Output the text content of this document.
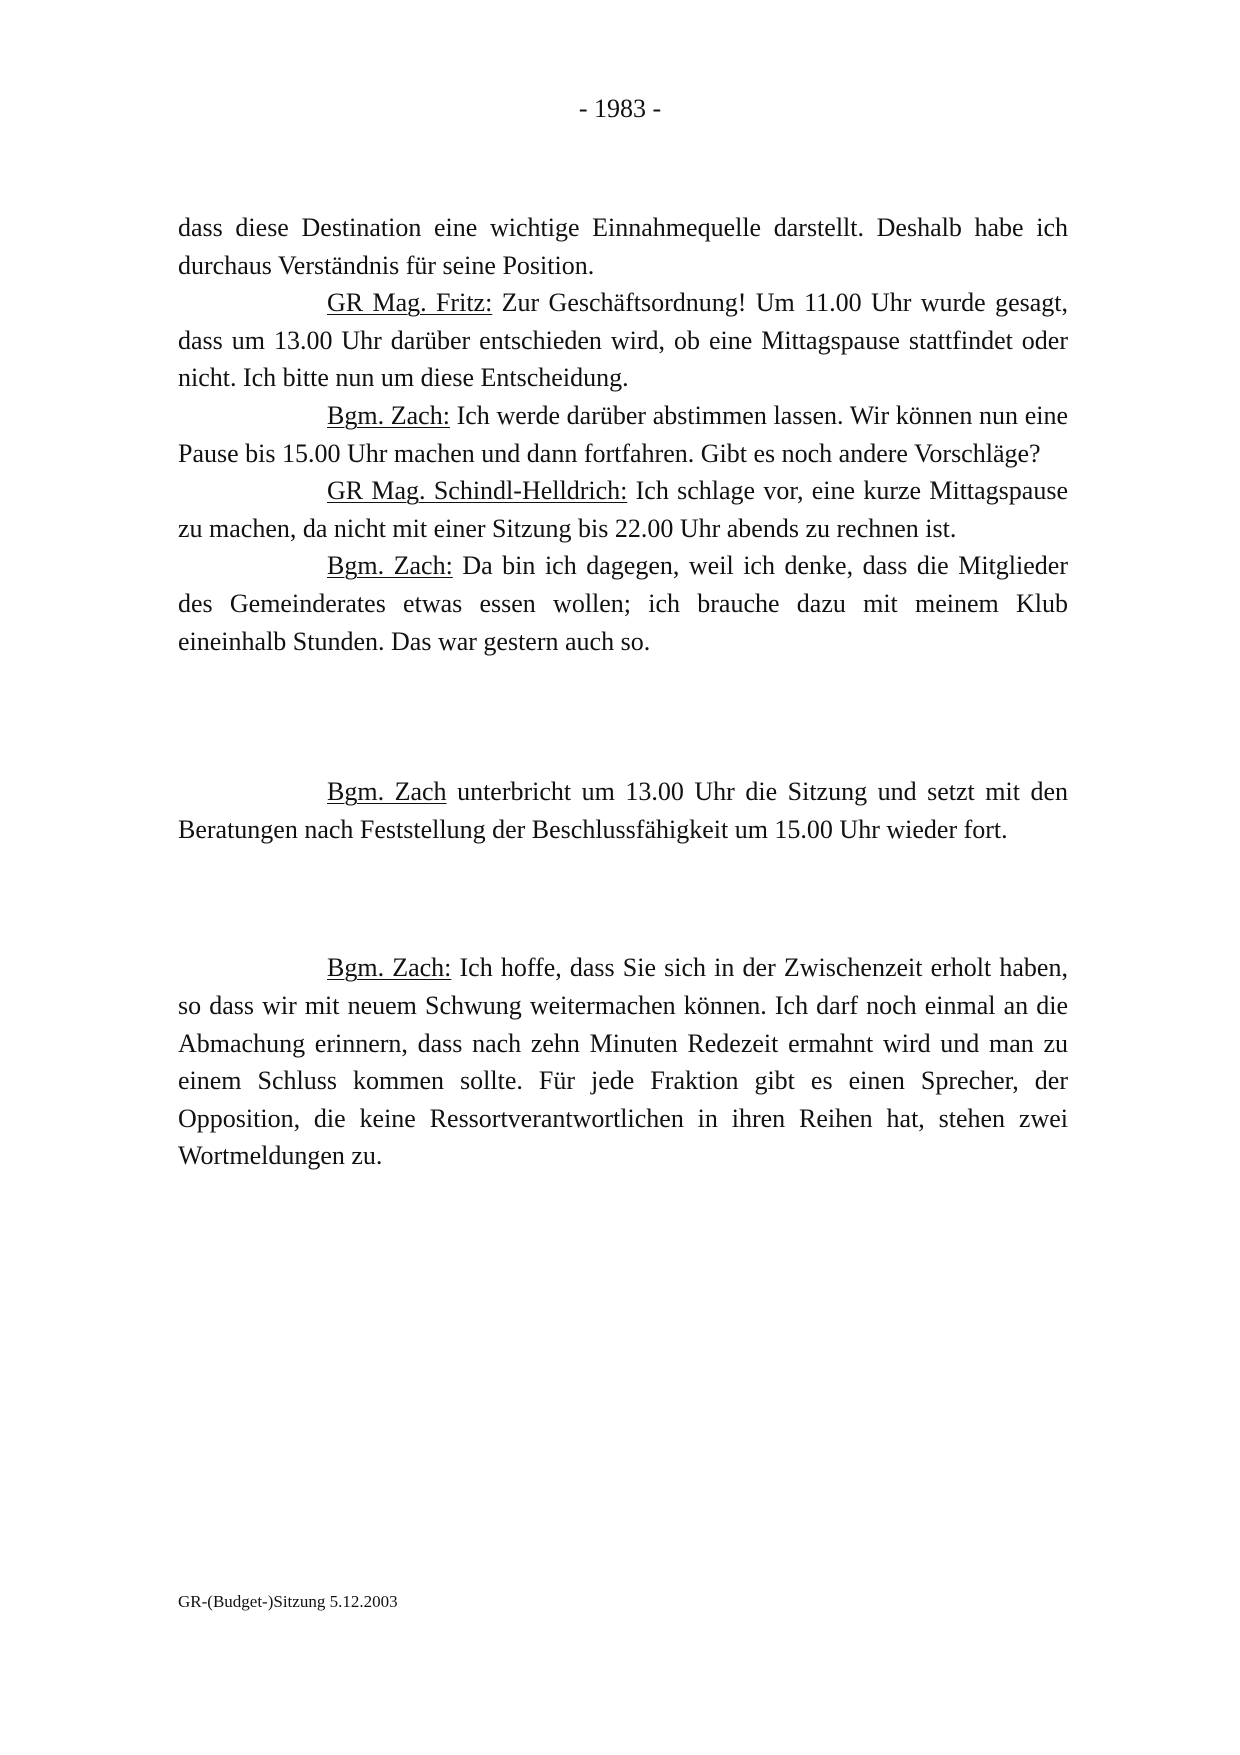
- 1983 -

dass diese Destination eine wichtige Einnahmequelle darstellt. Deshalb habe ich durchaus Verständnis für seine Position.

GR Mag. Fritz: Zur Geschäftsordnung! Um 11.00 Uhr wurde gesagt, dass um 13.00 Uhr darüber entschieden wird, ob eine Mittagspause stattfindet oder nicht. Ich bitte nun um diese Entscheidung.

Bgm. Zach: Ich werde darüber abstimmen lassen. Wir können nun eine Pause bis 15.00 Uhr machen und dann fortfahren. Gibt es noch andere Vorschläge?

GR Mag. Schindl-Helldrich: Ich schlage vor, eine kurze Mittagspause zu machen, da nicht mit einer Sitzung bis 22.00 Uhr abends zu rechnen ist.

Bgm. Zach: Da bin ich dagegen, weil ich denke, dass die Mitglieder des Gemeinderates etwas essen wollen; ich brauche dazu mit meinem Klub eineinhalb Stunden. Das war gestern auch so.

Bgm. Zach unterbricht um 13.00 Uhr die Sitzung und setzt mit den Beratungen nach Feststellung der Beschlussfähigkeit um 15.00 Uhr wieder fort.

Bgm. Zach: Ich hoffe, dass Sie sich in der Zwischenzeit erholt haben, so dass wir mit neuem Schwung weitermachen können. Ich darf noch einmal an die Abmachung erinnern, dass nach zehn Minuten Redezeit ermahnt wird und man zu einem Schluss kommen sollte. Für jede Fraktion gibt es einen Sprecher, der Opposition, die keine Ressortverantwortlichen in ihren Reihen hat, stehen zwei Wortmeldungen zu.

GR-(Budget-)Sitzung 5.12.2003
